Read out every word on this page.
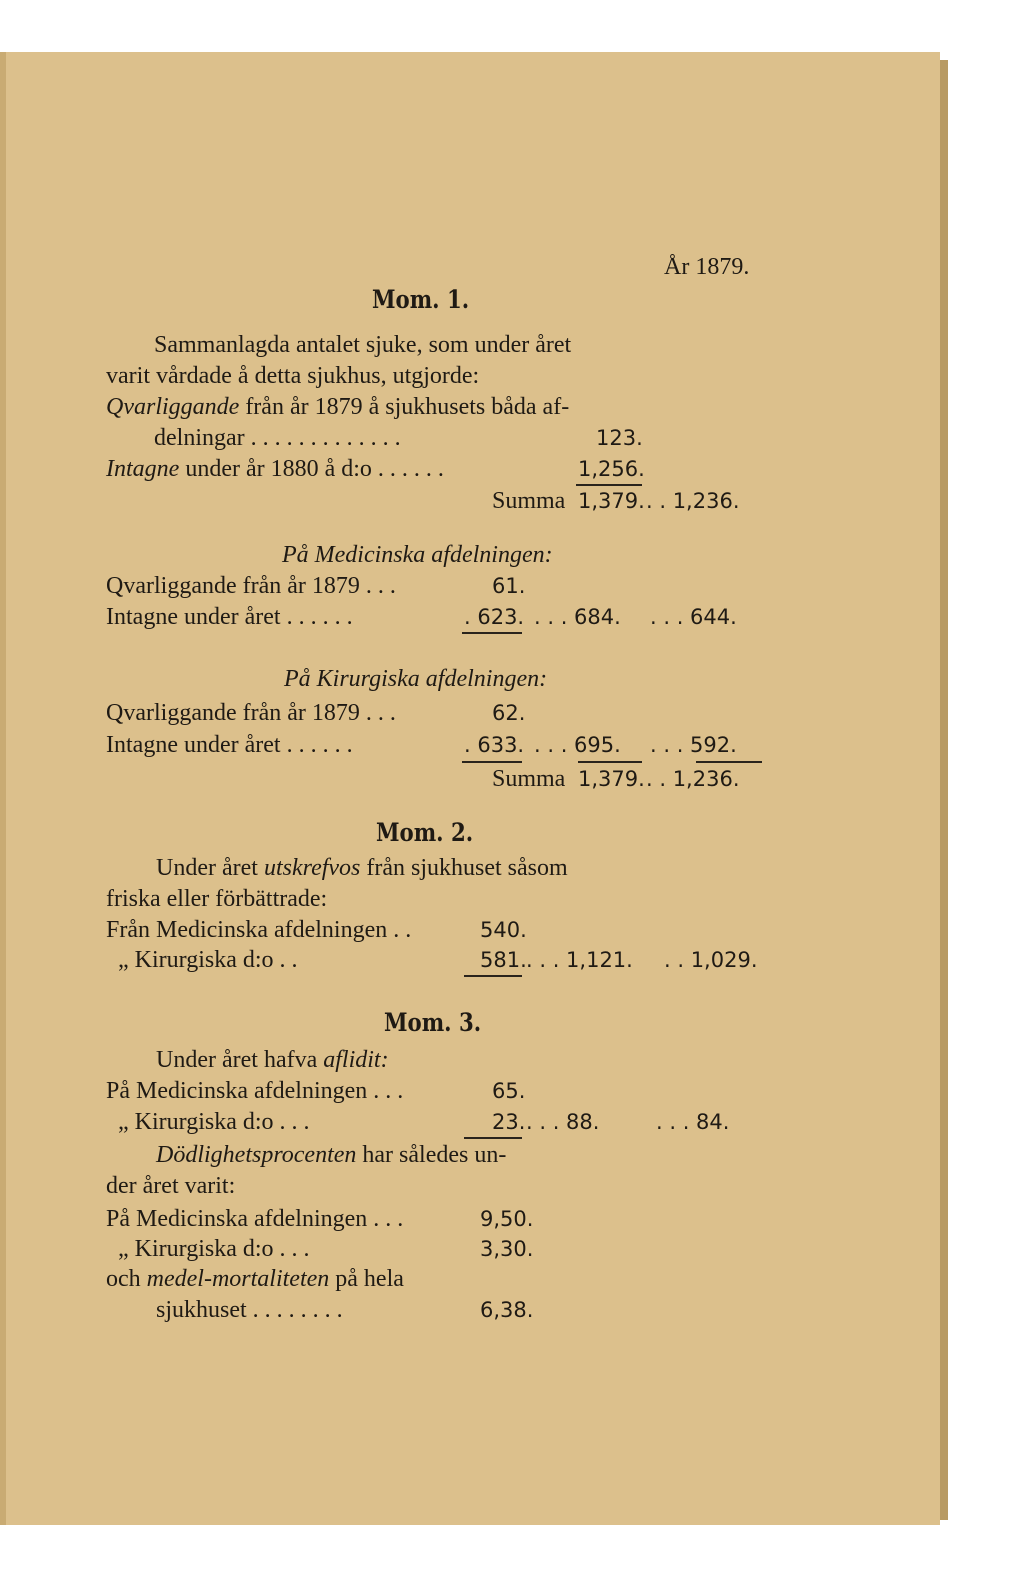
År 1879.
Mom. 1.
Sammanlagda antalet sjuke, som under året
varit vårdade å detta sjukhus, utgjorde:
Qvarliggande från år 1879 å sjukhusets båda af-
delningar . . . . . . . . . . . . .	123.
Intagne under år 1880 å d:o . . . . . .	1,256.
Summa 1,379. . . 1,236.
På Medicinska afdelningen:
Qvarliggande från år 1879 . . .	61.
Intagne under året . . . . . .	. 623. . . . 684. . . . 644.
På Kirurgiska afdelningen:
Qvarliggande från år 1879 . . .	62.
Intagne under året . . . . . .	. 633. . . . 695. . . . 592.
Summa 1,379. . . 1,236.
Mom. 2.
Under året utskrefvos från sjukhuset såsom
friska eller förbättrade:
Från Medicinska afdelningen . .	540.
„ Kirurgiska d:o . .	581. . . . 1,121. . . 1,029.
Mom. 3.
Under året hafva aflidit:
På Medicinska afdelningen . . .	65.
„ Kirurgiska d:o . . .	23. . . . 88.	. . . 84.
Dödlighetsprocenten har således un-
der året varit:
På Medicinska afdelningen . . .	9,50.
„ Kirurgiska d:o . . .	3,30.
och medel-mortaliteten på hela
sjukhuset . . . . . . . .	6,38.
